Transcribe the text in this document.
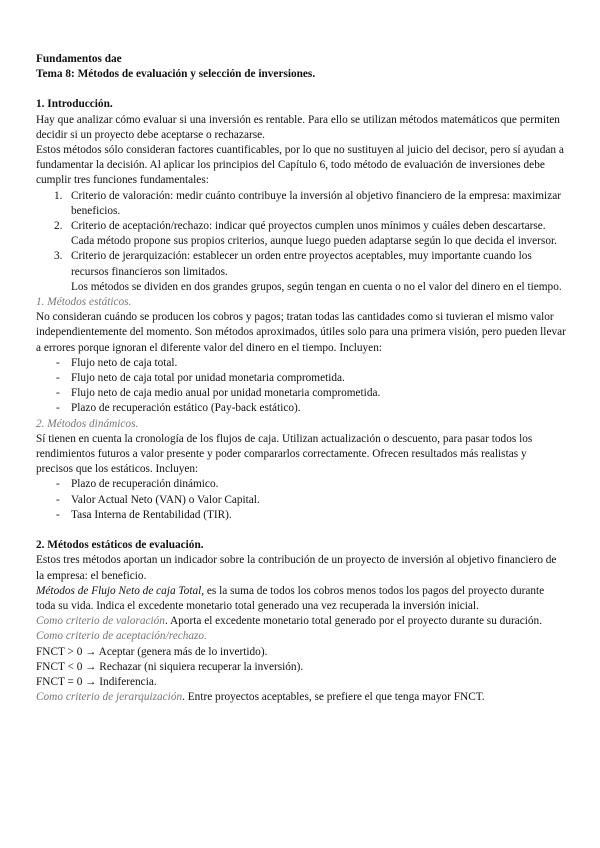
Fundamentos dae

Tema 8: Métodos de evaluación y selección de inversiones.

1. Introducción.

Hay que analizar cómo evaluar si una inversión es rentable. Para ello se utilizan métodos matemáticos que permiten decidir si un proyecto debe aceptarse o rechazarse.

Estos métodos sólo consideran factores cuantificables, por lo que no sustituyen al juicio del decisor, pero sí ayudan a fundamentar la decisión. Al aplicar los principios del Capítulo 6, todo método de evaluación de inversiones debe cumplir tres funciones fundamentales:

1. Criterio de valoración: medir cuánto contribuye la inversión al objetivo financiero de la empresa: maximizar beneficios.
2. Criterio de aceptación/rechazo: indicar qué proyectos cumplen unos mínimos y cuáles deben descartarse. Cada método propone sus propios criterios, aunque luego pueden adaptarse según lo que decida el inversor.
3. Criterio de jerarquización: establecer un orden entre proyectos aceptables, muy importante cuando los recursos financieros son limitados.
Los métodos se dividen en dos grandes grupos, según tengan en cuenta o no el valor del dinero en el tiempo.

1. Métodos estáticos.

No consideran cuándo se producen los cobros y pagos; tratan todas las cantidades como si tuvieran el mismo valor independientemente del momento. Son métodos aproximados, útiles solo para una primera visión, pero pueden llevar a errores porque ignoran el diferente valor del dinero en el tiempo. Incluyen:

- Flujo neto de caja total.
- Flujo neto de caja total por unidad monetaria comprometida.
- Flujo neto de caja medio anual por unidad monetaria comprometida.
- Plazo de recuperación estático (Pay-back estático).

2. Métodos dinámicos.

Sí tienen en cuenta la cronología de los flujos de caja. Utilizan actualización o descuento, para pasar todos los rendimientos futuros a valor presente y poder compararlos correctamente. Ofrecen resultados más realistas y precisos que los estáticos. Incluyen:

- Plazo de recuperación dinámico.
- Valor Actual Neto (VAN) o Valor Capital.
- Tasa Interna de Rentabilidad (TIR).

2. Métodos estáticos de evaluación.

Estos tres métodos aportan un indicador sobre la contribución de un proyecto de inversión al objetivo financiero de la empresa: el beneficio.

Métodos de Flujo Neto de caja Total, es la suma de todos los cobros menos todos los pagos del proyecto durante toda su vida. Indica el excedente monetario total generado una vez recuperada la inversión inicial.

Como criterio de valoración. Aporta el excedente monetario total generado por el proyecto durante su duración.

Como criterio de aceptación/rechazo.

FNCT > 0 → Aceptar (genera más de lo invertido).

FNCT < 0 → Rechazar (ni siquiera recuperar la inversión).

FNCT = 0 → Indiferencia.

Como criterio de jerarquización. Entre proyectos aceptables, se prefiere el que tenga mayor FNCT.
